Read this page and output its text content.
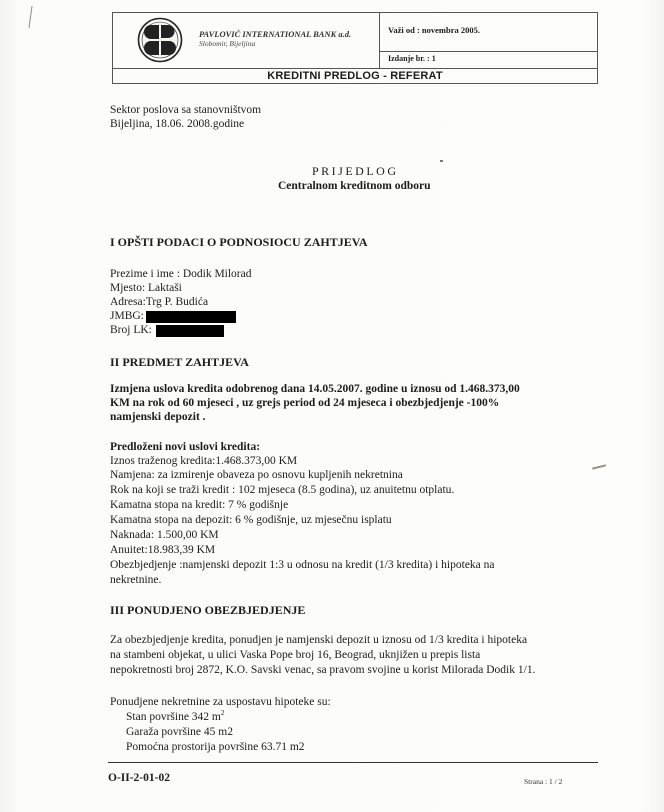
PAVLOVIĆ INTERNATIONAL BANK a.d.
Slobomir, Bijeljina
Važi od : novembra 2005.
Izdanje br. : 1
KREDITNI PREDLOG - REFERAT
Sektor poslova sa stanovništvom
Bijeljina, 18.06. 2008.godine
PRIJEDLOG
Centralnom kreditnom odboru
I OPŠTI PODACI O PODNOSIOCU ZAHTJEVA
Prezime i ime : Dodik Milorad
Mjesto: Laktaši
Adresa:Trg P. Budića
JMBG:
Broj LK:
II PREDMET ZAHTJEVA
Izmjena uslova kredita odobrenog dana 14.05.2007. godine u iznosu od 1.468.373,00
KM na rok od 60 mjeseci , uz grejs period od 24 mjeseca i obezbjedjenje -100%
namjenski depozit .
Predloženi novi uslovi kredita:
Iznos traženog kredita:1.468.373,00 KM
Namjena: za izmirenje obaveza po osnovu kupljenih nekretnina
Rok na koji se traži kredit : 102 mjeseca (8.5 godina), uz anuitetnu otplatu.
Kamatna stopa na kredit: 7 % godišnje
Kamatna stopa na depozit: 6 % godišnje, uz mjesečnu isplatu
Naknada: 1.500,00 KM
Anuitet:18.983,39 KM
Obezbjedjenje :namjenski depozit 1:3 u odnosu na kredit (1/3 kredita) i hipoteka na
nekretnine.
III PONUDJENO OBEZBJEDJENJE
Za obezbjedjenje kredita, ponudjen je namjenski depozit u iznosu od 1/3 kredita i hipoteka
na stambeni objekat, u ulici Vaska Pope broj 16, Beograd, uknjižen u prepis lista
nepokretnosti broj 2872, K.O. Savski venac, sa pravom svojine u korist Milorada Dodik 1/1.
Ponudjene nekretnine za uspostavu hipoteke su:
Stan površine 342 $m^2$
Garaža površine 45 m2
Pomoćna prostorija površine 63.71 m2
O-II-2-01-02	Strana : 1 / 2
